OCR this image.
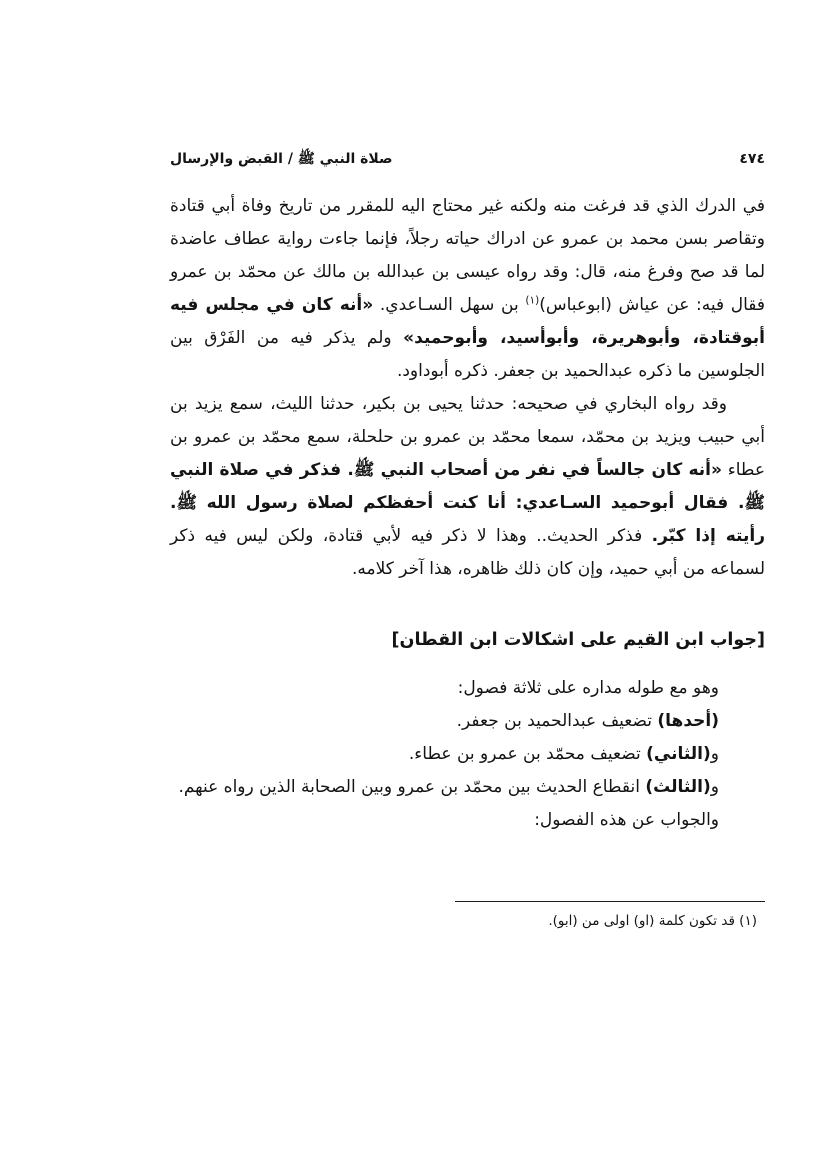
٤٧٤
صلاة النبي ﷺ / القبض والإرسال

في الدرك الذي قد فرغت منه ولكنه غير محتاج اليه للمقرر من تاريخ وفاة أبي قتادة وتقاصر بسن محمد بن عمرو عن ادراك حياته رجلاً، فإنما جاءت رواية عطاف عاضدة لما قد صح وفرغ منه، قال: وقد رواه عيسى بن عبدالله بن مالك عن محمّد بن عمرو فقال فيه: عن عياش (ابوعباس)$^{(١)}$ بن سهل السـاعدي. «أنه كان في مجلس فيه أبوقتادة، وأبوهريرة، وأبوأسيد، وأبوحميد» ولم يذكر فيه من الفَرْق بين الجلوسين ما ذكره عبدالحميد بن جعفر. ذكره أبوداود.

وقد رواه البخاري في صحيحه: حدثنا يحيى بن بكير، حدثنا الليث، سمع يزيد بن أبي حبيب ويزيد بن محمّد، سمعا محمّد بن عمرو بن حلحلة، سمع محمّد بن عمرو بن عطاء «أنه كان جالساً في نفر من أصحاب النبي ﷺ. فذكر في صلاة النبي ﷺ. فقال أبوحميد السـاعدي: أنا كنت أحفظكم لصلاة رسول الله ﷺ. رأيته إذا كبّر. فذكر الحديث.. وهذا لا ذكر فيه لأبي قتادة، ولكن ليس فيه ذكر لسماعه من أبي حميد، وإن كان ذلك ظاهره، هذا آخر كلامه.

[جواب ابن القيم على اشكالات ابن القطان]

وهو مع طوله مداره على ثلاثة فصول:

(أحدها) تضعيف عبدالحميد بن جعفر.

و(الثاني) تضعيف محمّد بن عمرو بن عطاء.

و(الثالث) انقطاع الحديث بين محمّد بن عمرو وبين الصحابة الذين رواه عنهم.

والجواب عن هذه الفصول:

(١) قد تكون كلمة (او) اولى من (ابو).
